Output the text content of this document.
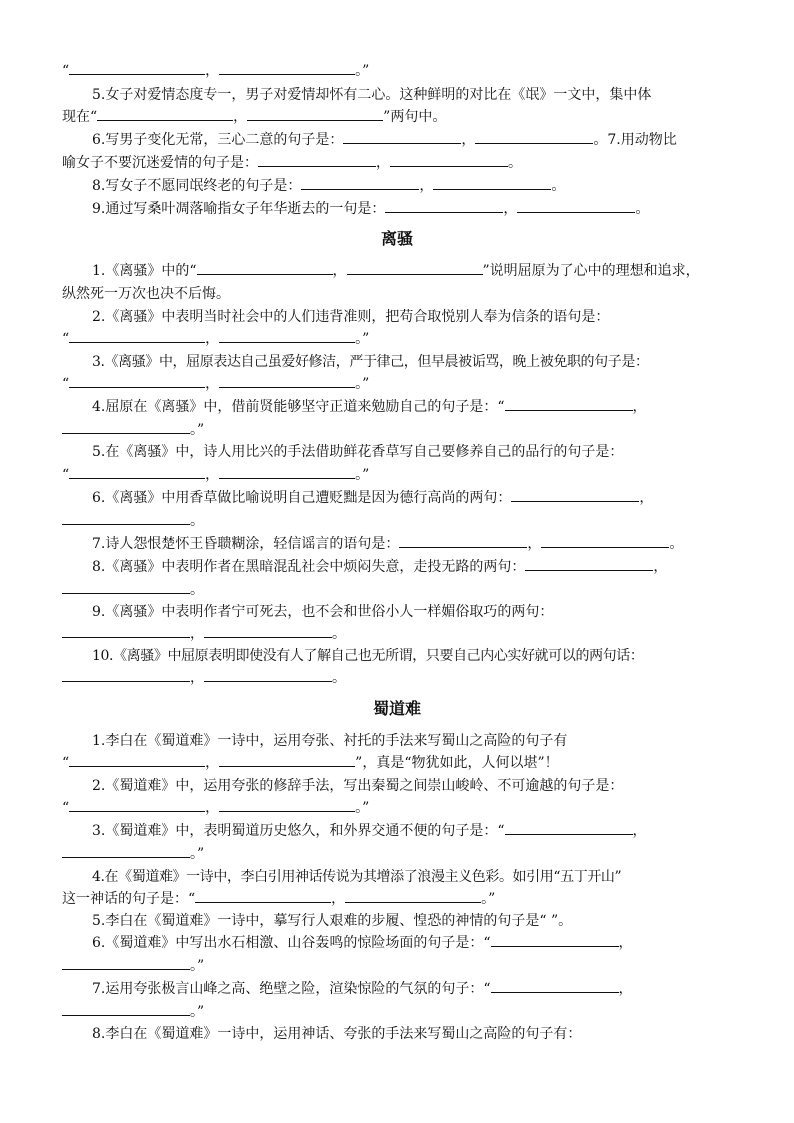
“	，	。”
5.女子对爱情态度专一，男子对爱情却怀有二心。这种鲜明的对比在《氓》一文中，集中体
现在“	，	”两句中。
6.写男子变化无常，三心二意的句子是：	，	。7.用动物比
喻女子不要沉迷爱情的句子是：	，	。
8.写女子不愿同氓终老的句子是：	，	。
9.通过写桑叶凋落喻指女子年华逝去的一句是：	，	。
离骚
1.《离骚》中的“	，	”说明屈原为了心中的理想和追求，
纵然死一万次也决不后悔。
2.《离骚》中表明当时社会中的人们违背准则，把苟合取悦别人奉为信条的语句是：
“	，	。”
3.《离骚》中，屈原表达自己虽爱好修洁，严于律己，但早晨被诟骂，晚上被免职的句子是：
“	，	。”
4.屈原在《离骚》中，借前贤能够坚守正道来勉励自己的句子是：“	，
。”
5.在《离骚》中，诗人用比兴的手法借助鲜花香草写自己要修养自己的品行的句子是：
“	，	。”
6.《离骚》中用香草做比喻说明自己遭贬黜是因为德行高尚的两句：	，
。
7.诗人怨恨楚怀王昏聩糊涂，轻信谣言的语句是：	，	。
8.《离骚》中表明作者在黑暗混乱社会中烦闷失意，走投无路的两句：	，
。
9.《离骚》中表明作者宁可死去，也不会和世俗小人一样媚俗取巧的两句：
，	。
10.《离骚》中屈原表明即使没有人了解自己也无所谓，只要自己内心实好就可以的两句话：
，	。
蜀道难
1.李白在《蜀道难》一诗中，运用夸张、衬托的手法来写蜀山之高险的句子有
“	，	”，真是“物犹如此，人何以堪”！
2.《蜀道难》中，运用夸张的修辞手法，写出秦蜀之间崇山峻岭、不可逾越的句子是：
“	，	。”
3.《蜀道难》中，表明蜀道历史悠久，和外界交通不便的句子是：“	，
。”
4.在《蜀道难》一诗中，李白引用神话传说为其增添了浪漫主义色彩。如引用“五丁开山”
这一神话的句子是：“	，	。”
5.李白在《蜀道难》一诗中，摹写行人艰难的步履、惶恐的神情的句子是“ ”。
6.《蜀道难》中写出水石相激、山谷轰鸣的惊险场面的句子是：“	，
。”
7.运用夸张极言山峰之高、绝壁之险，渲染惊险的气氛的句子：“	，
。”
8.李白在《蜀道难》一诗中，运用神话、夸张的手法来写蜀山之高险的句子有：
